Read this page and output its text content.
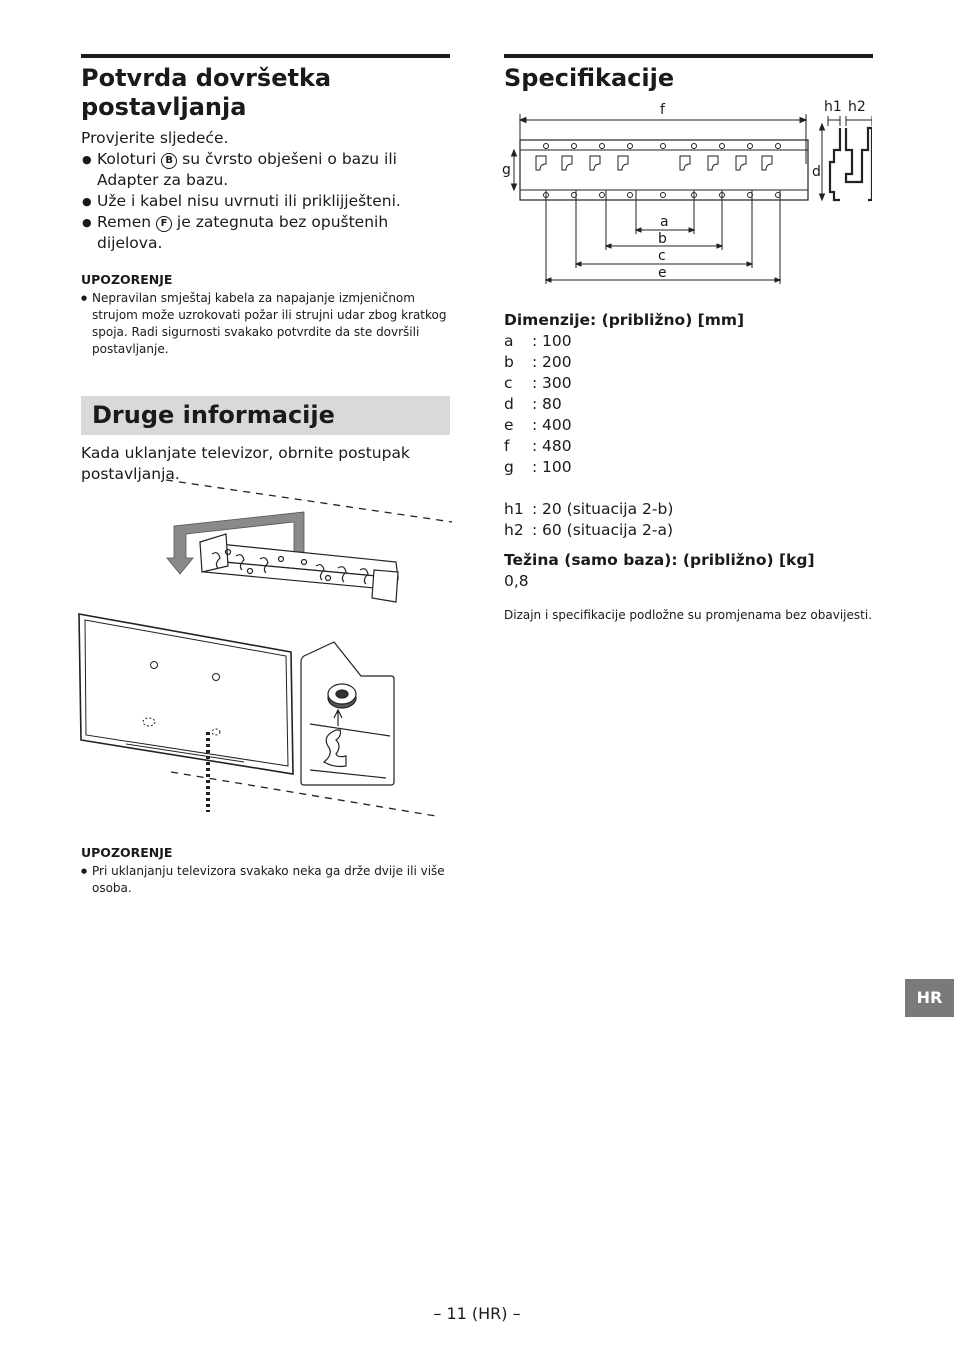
Potvrda dovršetka postavljanja

Provjerite sljedeće.

● Koloturi B su čvrsto obješeni o bazu ili Adapter za bazu.
● Uže i kabel nisu uvrnuti ili priklijješteni.
● Remen F je zategnuta bez opuštenih dijelova.
UPOZORENJE
● Nepravilan smještaj kabela za napajanje izmjeničnom strujom može uzrokovati požar ili strujni udar zbog kratkog spoja. Radi sigurnosti svakako potvrdite da ste dovršili postavljanje.
Druge informacije

Kada uklanjate televizor, obrnite postupak postavljanja.

UPOZORENJE
● Pri uklanjanju televizora svakako neka ga drže dvije ili više osoba.
Specifikacije
f
g
a
b
c
e
d
h1 h2
Dimenzije: (približno) [mm]
a	: 100
b	: 200
c	: 300
d	: 80
e	: 400
f	: 480
g	: 100
h1 : 20 (situacija 2-b)
h2 : 60 (situacija 2-a)
Težina (samo baza): (približno) [kg]
0,8
Dizajn i specifikacije podložne su promjenama bez obavijesti.
HR
– 11 (HR) –
